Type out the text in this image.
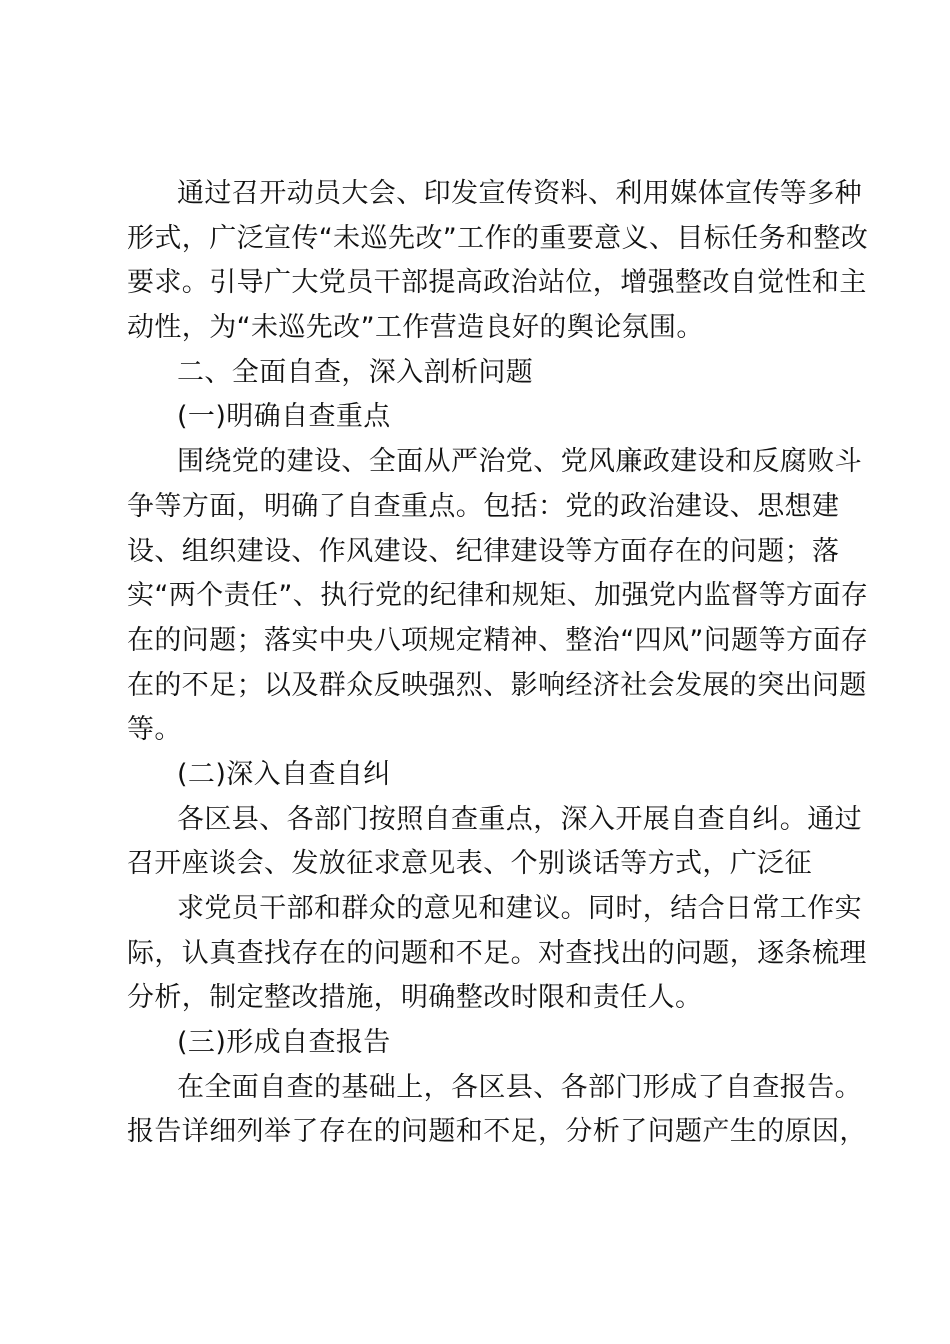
通过召开动员大会、印发宣传资料、利用媒体宣传等多种
形式，广泛宣传“未巡先改”工作的重要意义、目标任务和整改
要求。引导广大党员干部提高政治站位，增强整改自觉性和主
动性，为“未巡先改”工作营造良好的舆论氛围。
二、全面自查，深入剖析问题
(一)明确自查重点
围绕党的建设、全面从严治党、党风廉政建设和反腐败斗
争等方面，明确了自查重点。包括：党的政治建设、思想建
设、组织建设、作风建设、纪律建设等方面存在的问题；落
实“两个责任”、执行党的纪律和规矩、加强党内监督等方面存
在的问题；落实中央八项规定精神、整治“四风”问题等方面存
在的不足；以及群众反映强烈、影响经济社会发展的突出问题
等。
(二)深入自查自纠
各区县、各部门按照自查重点，深入开展自查自纠。通过
召开座谈会、发放征求意见表、个别谈话等方式，广泛征
求党员干部和群众的意见和建议。同时，结合日常工作实
际，认真查找存在的问题和不足。对查找出的问题，逐条梳理
分析，制定整改措施，明确整改时限和责任人。
(三)形成自查报告
在全面自查的基础上，各区县、各部门形成了自查报告。
报告详细列举了存在的问题和不足，分析了问题产生的原因，
